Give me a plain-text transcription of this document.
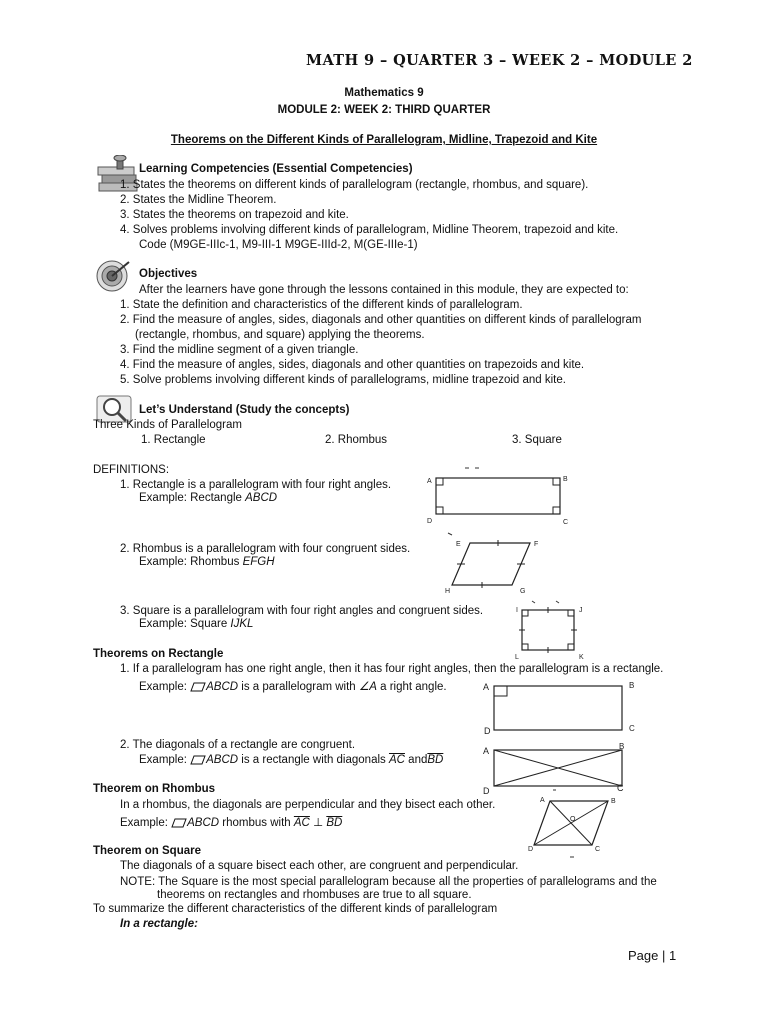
MATH 9 – QUARTER 3 – WEEK 2 – MODULE 2
Mathematics 9
MODULE 2: WEEK 2: THIRD QUARTER
Theorems on the Different Kinds of Parallelogram, Midline, Trapezoid and Kite
Learning Competencies (Essential Competencies)
1. States the theorems on different kinds of parallelogram (rectangle, rhombus, and square).
2. States the Midline Theorem.
3. States the theorems on trapezoid and kite.
4. Solves problems involving different kinds of parallelogram, Midline Theorem, trapezoid and kite.
Code (M9GE-IIIc-1, M9-III-1 M9GE-IIId-2, M(GE-IIIe-1)
Objectives
After the learners have gone through the lessons contained in this module, they are expected to:
1. State the definition and characteristics of the different kinds of parallelogram.
2. Find the measure of angles, sides, diagonals and other quantities on different kinds of parallelogram
(rectangle, rhombus, and square) applying the theorems.
3. Find the midline segment of a given triangle.
4. Find the measure of angles, sides, diagonals and other quantities on trapezoids and kite.
5. Solve problems involving different kinds of parallelograms, midline trapezoid and kite.
Let’s Understand (Study the concepts)
Three Kinds of Parallelogram
1. Rectangle	2. Rhombus	3. Square
DEFINITIONS:
1. Rectangle is a parallelogram with four right angles.
Example: Rectangle ABCD
A	B
C
D
2. Rhombus is a parallelogram with four congruent sides.
Example: Rhombus EFGH
E	F
G
H
3. Square is a parallelogram with four right angles and congruent sides.
Example: Square IJKL
I	J
K
L
Theorems on Rectangle
1. If a parallelogram has one right angle, then it has four right angles, then the parallelogram is a rectangle.
Example: ABCD is a parallelogram with ∠A a right angle.	A	B
C
D
2. The diagonals of a rectangle are congruent.
Example: ABCD is a rectangle with diagonals $\overline{AC}$ $and\overline{BD}$
A	B
C
D
Theorem on Rhombus
In a rhombus, the diagonals are perpendicular and they bisect each other.
Example: ABCD rhombus with $\overline{AC}$ ⊥ $\overline{BD}$
A	B
C
D
O
Theorem on Square
The diagonals of a square bisect each other, are congruent and perpendicular.
NOTE: The Square is the most special parallelogram because all the properties of parallelograms and the
theorems on rectangles and rhombuses are true to all square.
To summarize the different characteristics of the different kinds of parallelogram
In a rectangle:
Page | 1
